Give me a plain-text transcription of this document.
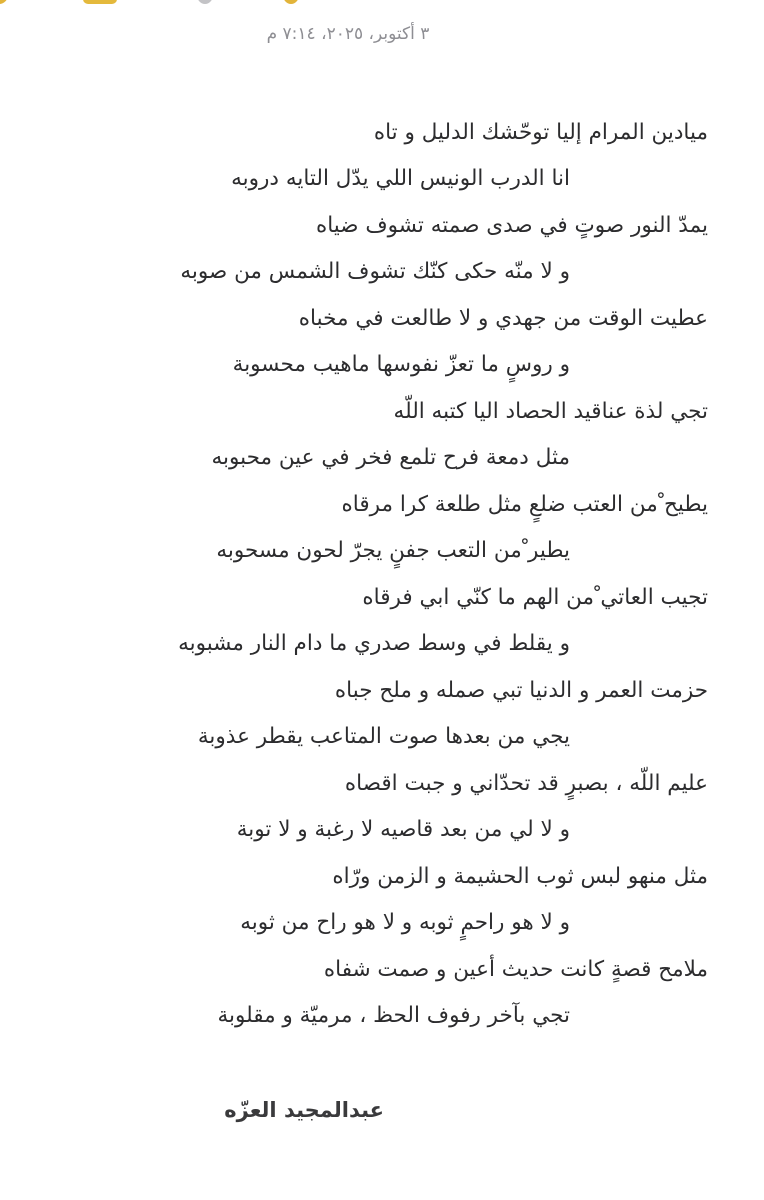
٣ أكتوبر، ٢٠٢٥، ٧:١٤ م
ميادين المرام إليا توحّشك الدليل و تاه
انا الدرب الونيس اللي يدّل التايه دروبه
يمدّ النور صوتٍ في صدى صمته تشوف ضياه
و لا منّه حكى كنّك تشوف الشمس من صوبه
عطيت الوقت من جهدي و لا طالعت في مخباه
و روسٍ ما تعزّ نفوسها ماهيب محسوبة
تجي لذة عناقيد الحصاد اليا كتبه اللّه
مثل دمعة فرح تلمع فخر في عين محبوبه
يطيح ْمن العتب ضلعٍ مثل طلعة كرا مرقاه
يطير ْمن التعب جفنٍ يجرّ لحون مسحوبه
تجيب العاتي ْمن الهم ما كنّي ابي فرقاه
و يقلط في وسط صدري ما دام النار مشبوبه
حزمت العمر و الدنيا تبي صمله و ملح جباه
يجي من بعدها صوت المتاعب يقطر عذوبة
عليم اللّه ، بصبرٍ قد تحدّاني و جبت اقصاه
و لا لي من بعد قاصيه لا رغبة و لا توبة
مثل منهو لبس ثوب الحشيمة و الزمن ورّاه
و لا هو راحمٍ ثوبه و لا هو راح من ثوبه
ملامح قصةٍ كانت حديث أعين و صمت شفاه
تجي بآخر رفوف الحظ ، مرميّة و مقلوبة
عبدالمجيد العزّه
